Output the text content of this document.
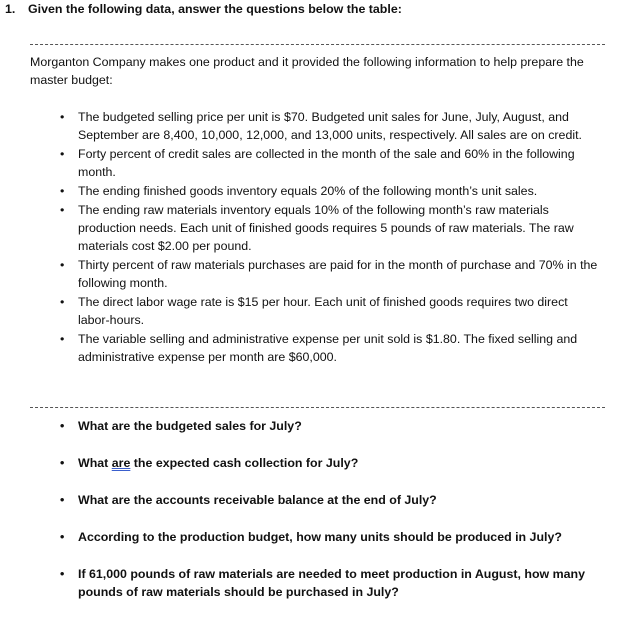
1. Given the following data, answer the questions below the table:
Morganton Company makes one product and it provided the following information to help prepare the master budget:
• The budgeted selling price per unit is $70. Budgeted unit sales for June, July, August, and September are 8,400, 10,000, 12,000, and 13,000 units, respectively. All sales are on credit.
• Forty percent of credit sales are collected in the month of the sale and 60% in the following month.
• The ending finished goods inventory equals 20% of the following month’s unit sales.
• The ending raw materials inventory equals 10% of the following month’s raw materials production needs. Each unit of finished goods requires 5 pounds of raw materials. The raw materials cost $2.00 per pound.
• Thirty percent of raw materials purchases are paid for in the month of purchase and 70% in the following month.
• The direct labor wage rate is $15 per hour. Each unit of finished goods requires two direct labor-hours.
• The variable selling and administrative expense per unit sold is $1.80. The fixed selling and administrative expense per month are $60,000.
• What are the budgeted sales for July?
• What are the expected cash collection for July?
• What are the accounts receivable balance at the end of July?
• According to the production budget, how many units should be produced in July?
• If 61,000 pounds of raw materials are needed to meet production in August, how many pounds of raw materials should be purchased in July?
